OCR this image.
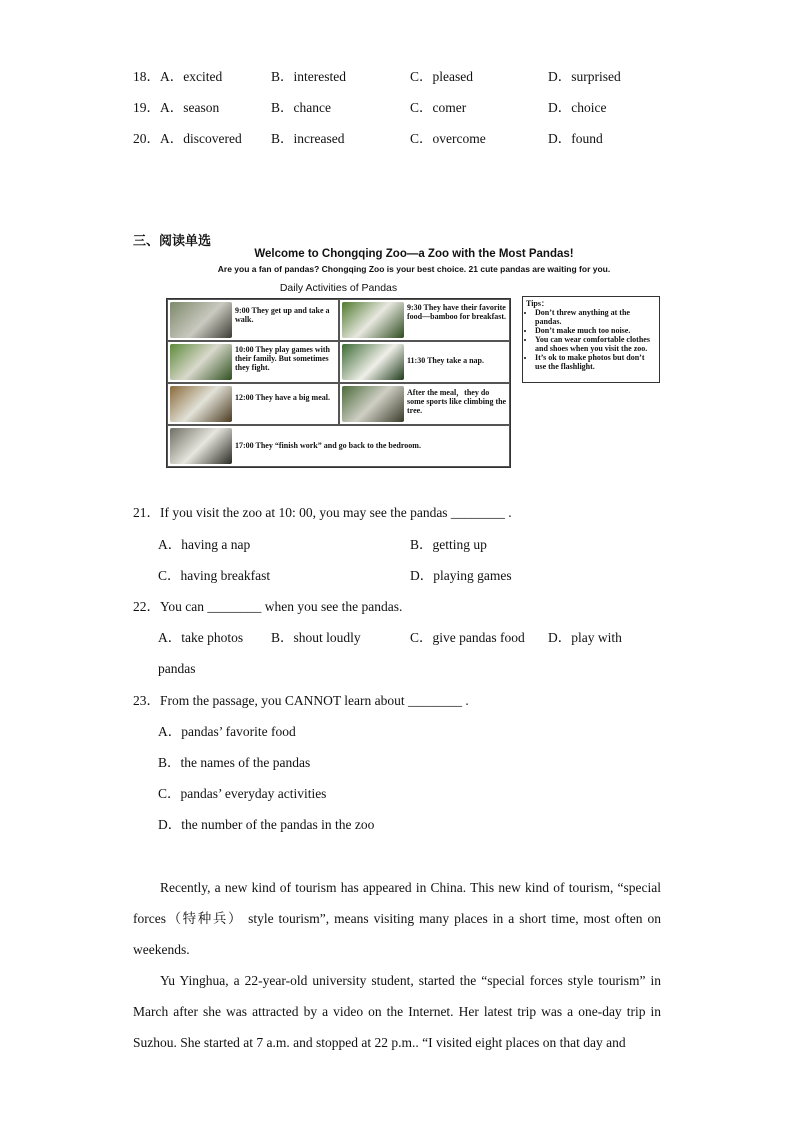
18． A．excited	B．interested	C．pleased	D．surprised
19． A．season	B．chance	C．comer	D．choice
20． A．discovered B．increased	C．overcome	D．found
三、阅读单选
Welcome to Chongqing Zoo—a Zoo with the Most Pandas!
Are you a fan of pandas? Chongqing Zoo is your best choice. 21 cute pandas are waiting for you.
Daily Activities of Pandas
9:00 They get up and take a walk.
9:30 They have their favorite food—bamboo for breakfast.
10:00 They play games with their family. But sometimes they fight.
11:30 They take a nap.
12:00 They have a big meal.
After the meal，they do some sports like climbing the tree.
17:00 They “finish work” and go back to the bedroom.
Tips：
• Don’t threw anything at the pandas.
• Don’t make much too noise.
• You can wear comfortable clothes and shoes when you visit the zoo.
• It’s ok to make photos but don’t use the flashlight.
21．If you visit the zoo at 10: 00, you may see the pandas ________ .
A．having a nap	B．getting up
C．having breakfast	D．playing games
22．You can ________ when you see the pandas.
A．take photos B．shout loudly	C．give pandas food D．play with
pandas
23．From the passage, you CANNOT learn about ________ .
A．pandas’ favorite food
B．the names of the pandas
C．pandas’ everyday activities
D．the number of the pandas in the zoo

Recently, a new kind of tourism has appeared in China. This new kind of tourism, “special forces（特种兵） style tourism”, means visiting many places in a short time, most often on weekends.

Yu Yinghua, a 22-year-old university student, started the “special forces style tourism” in March after she was attracted by a video on the Internet. Her latest trip was a one-day trip in Suzhou. She started at 7 a.m. and stopped at 22 p.m.. “I visited eight places on that day and
